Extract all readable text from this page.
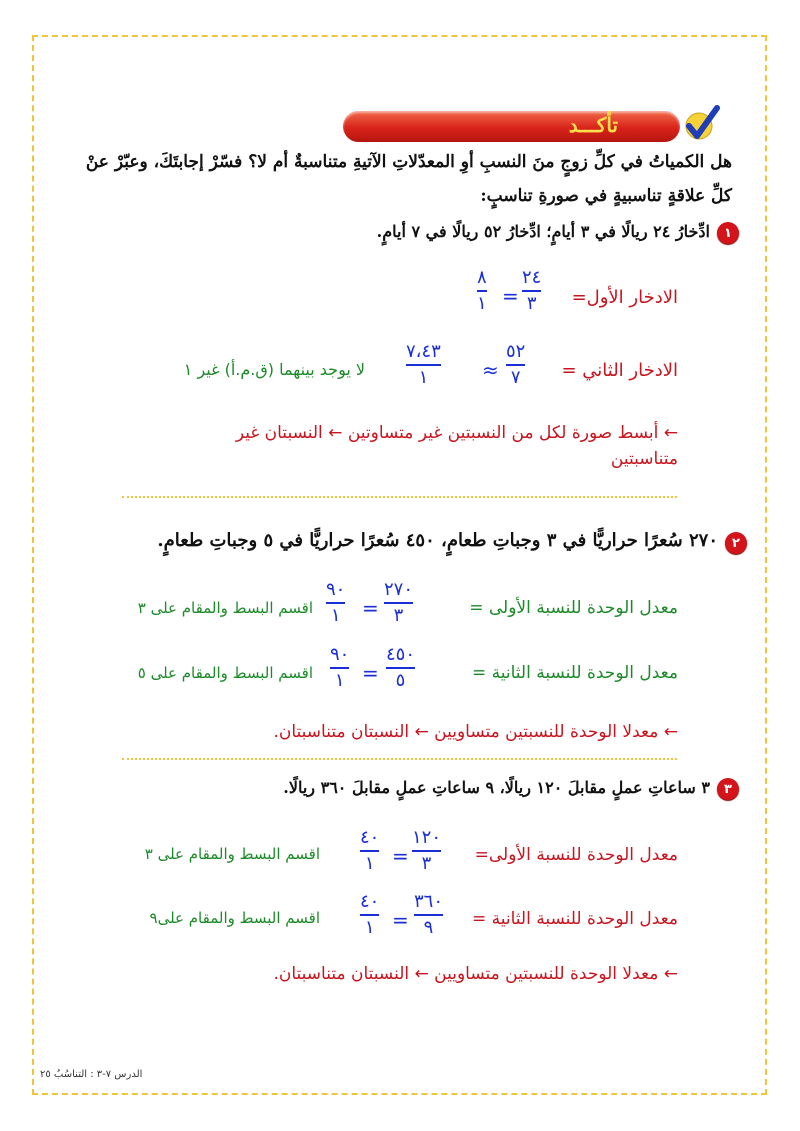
تأكـــد
هل الكمياتُ في كلِّ زوجٍ منَ النسبِ أوِ المعدّلاتِ الآتيةِ متناسبةٌ أم لا؟ فسّرْ إجابتَكَ، وعبّرْ عنْ
كلِّ علاقةٍ تناسبيةٍ في صورةِ تناسبٍ:
١
ادِّخارُ ٢٤ ريالًا في ٣ أيامٍ؛ ادِّخارُ ٥٢ ريالًا في ٧ أيامٍ.
الادخار الأول=
٢٤
٣
=
٨
١
الادخار الثاني =
٥٢
٧
≈
٧،٤٣
١
لا يوجد بينهما (ق.م.أ) غير ١
← أبسط صورة لكل من النسبتين غير متساوتين ← النسبتان غير
متناسبتين
٢
٢٧٠ سُعرًا حراريًّا في ٣ وجباتِ طعامٍ، ٤٥٠ سُعرًا حراريًّا في ٥ وجباتِ طعامٍ.
معدل الوحدة للنسبة الأولى =
٢٧٠
٣
=
٩٠
١
اقسم البسط والمقام على ٣
معدل الوحدة للنسبة الثانية =
٤٥٠
٥
=
٩٠
١
اقسم البسط والمقام على ٥
← معدلا الوحدة للنسبتين متساويين ← النسبتان متناسبتان.
٣
٣ ساعاتِ عملٍ مقابلَ ١٢٠ ريالًا، ٩ ساعاتِ عملٍ مقابلَ ٣٦٠ ريالًا.
معدل الوحدة للنسبة الأولى=
١٢٠
٣
=
٤٠
١
اقسم البسط والمقام على ٣
معدل الوحدة للنسبة الثانية =
٣٦٠
٩
=
٤٠
١
اقسم البسط والمقام على٩
← معدلا الوحدة للنسبتين متساويين ← النسبتان متناسبتان.
الدرس ٧-٣ : التناسُبُ ٢٥
